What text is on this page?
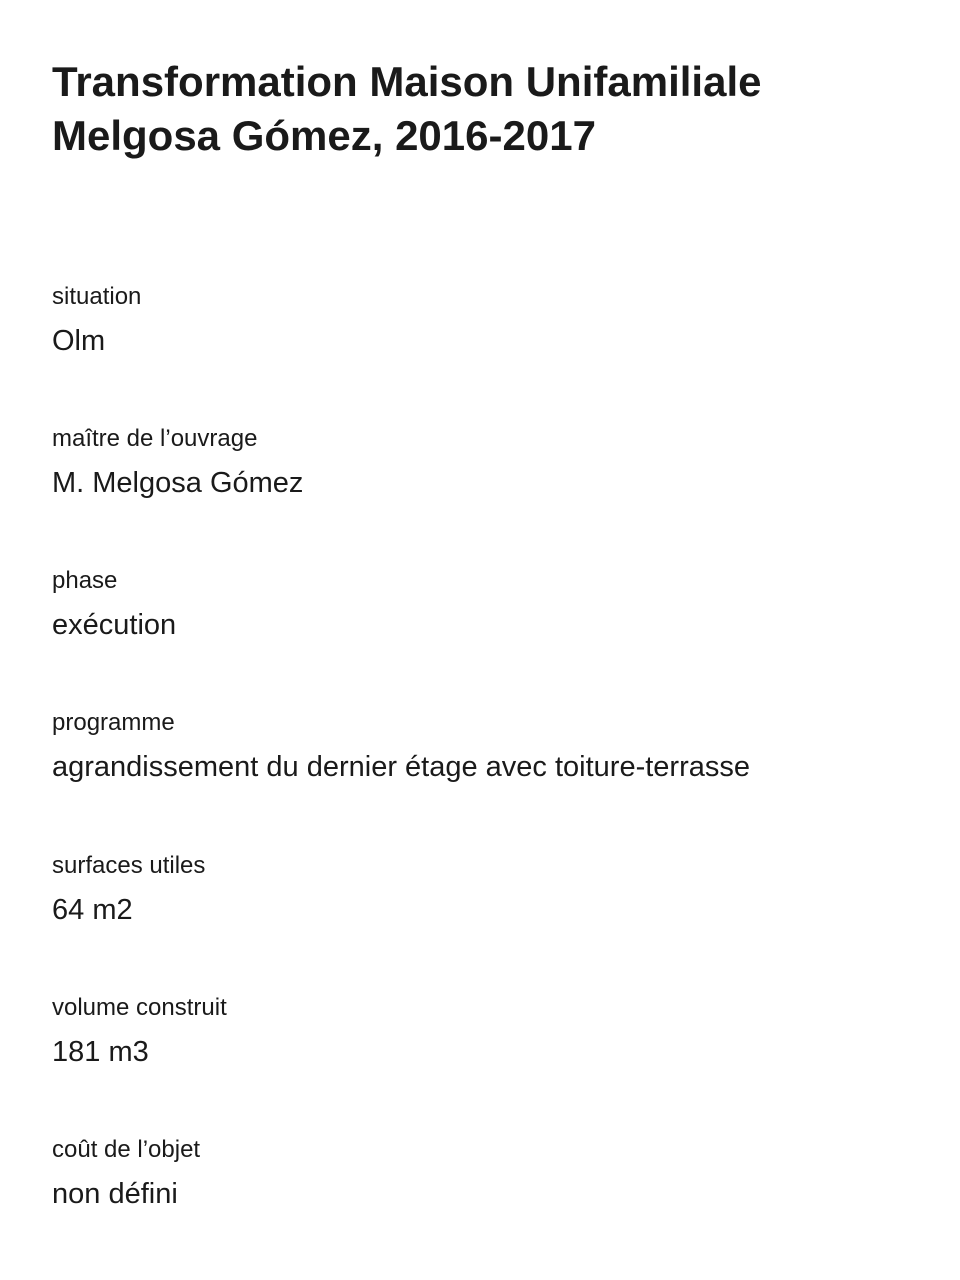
Transformation Maison Unifamiliale
Melgosa Gómez, 2016-2017
situation
Olm
maître de l’ouvrage
M. Melgosa Gómez
phase
exécution
programme
agrandissement du dernier étage avec toiture-terrasse
surfaces utiles
64 m2
volume construit
181 m3
coût de l’objet
non défini
